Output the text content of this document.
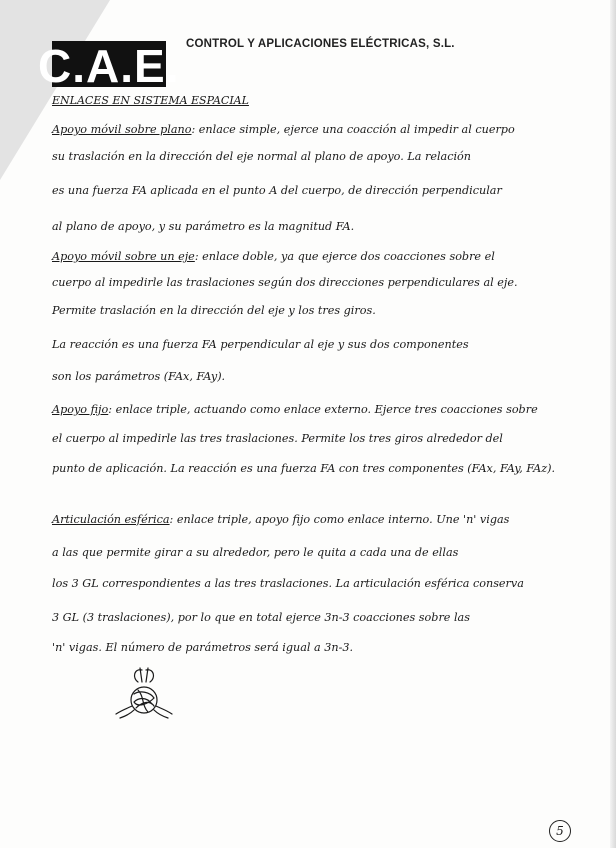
C.A.E. CONTROL Y APLICACIONES ELÉCTRICAS, S.L.
ENLACES EN SISTEMA ESPACIAL
Apoyo móvil sobre plano: enlace simple, ejerce una coacción al impedir al cuerpo
su traslación en la dirección del eje normal al plano de apoyo. La relación
es una fuerza FA aplicada en el punto A del cuerpo, de dirección perpendicular
al plano de apoyo, y su parámetro es la magnitud FA.
Apoyo móvil sobre un eje: enlace doble, ya que ejerce dos coacciones sobre el
cuerpo al impedirle las traslaciones según dos direcciones perpendiculares al eje.
Permite traslación en la dirección del eje y los tres giros.
La reacción es una fuerza FA perpendicular al eje y sus dos componentes
son los parámetros (FAx, FAy).
Apoyo fijo: enlace triple, actuando como enlace externo. Ejerce tres coacciones sobre
el cuerpo al impedirle las tres traslaciones. Permite los tres giros alrededor del
punto de aplicación. La reacción es una fuerza FA con tres componentes (FAx, FAy, FAz).
Articulación esférica: enlace triple, apoyo fijo como enlace interno. Une 'n' vigas
a las que permite girar a su alrededor, pero le quita a cada una de ellas
los 3 GL correspondientes a las tres traslaciones. La articulación esférica conserva
3 GL (3 traslaciones), por lo que en total ejerce 3n-3 coacciones sobre las
'n' vigas. El número de parámetros será igual a 3n-3.
5
